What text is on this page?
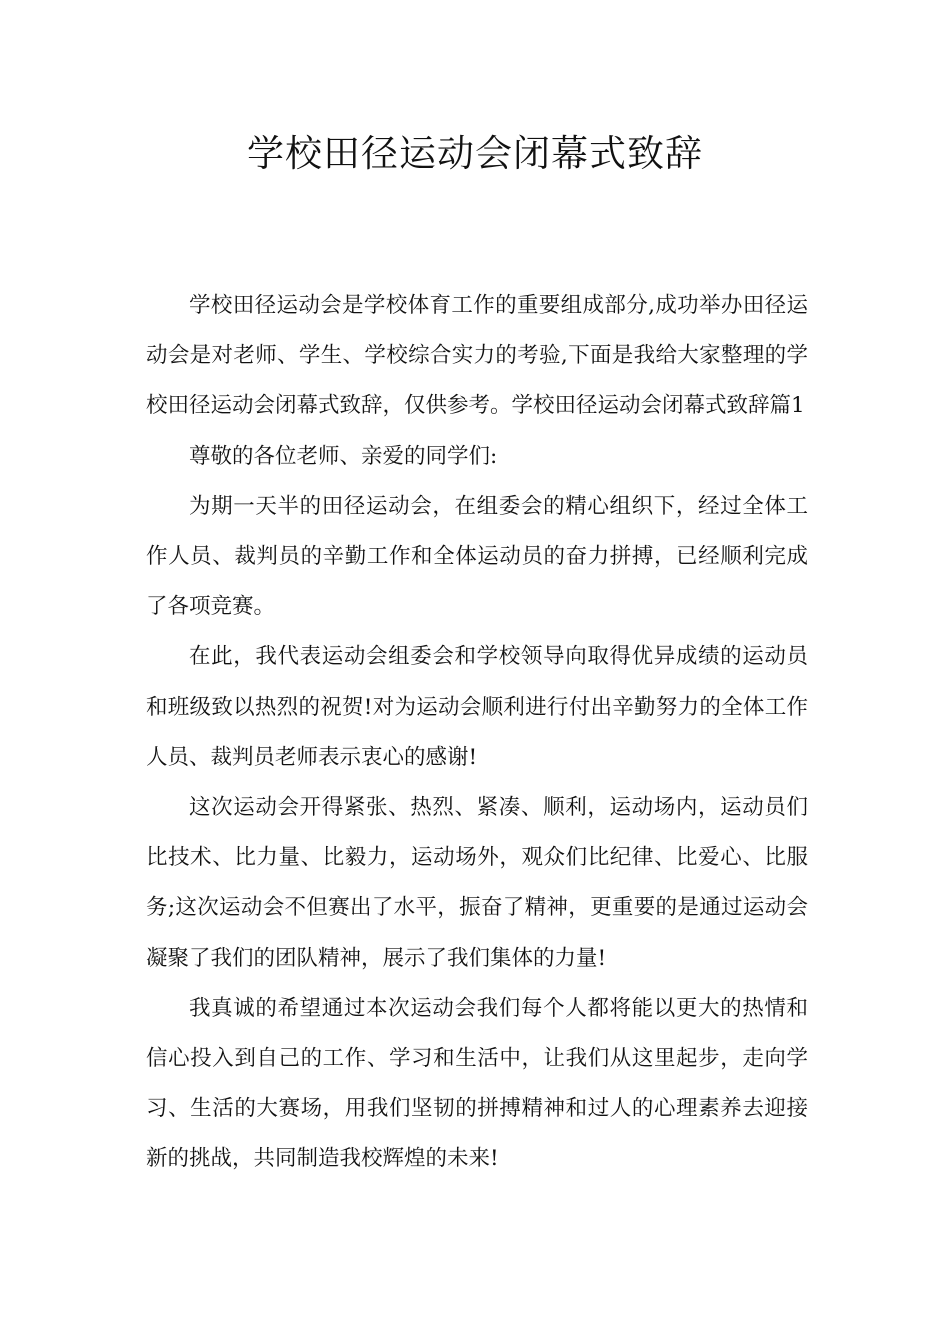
学校田径运动会闭幕式致辞

学校田径运动会是学校体育工作的重要组成部分,成功举办田径运动会是对老师、学生、学校综合实力的考验,下面是我给大家整理的学校田径运动会闭幕式致辞，仅供参考。学校田径运动会闭幕式致辞篇1

尊敬的各位老师、亲爱的同学们:

为期一天半的田径运动会，在组委会的精心组织下，经过全体工作人员、裁判员的辛勤工作和全体运动员的奋力拼搏，已经顺利完成了各项竞赛。

在此，我代表运动会组委会和学校领导向取得优异成绩的运动员和班级致以热烈的祝贺!对为运动会顺利进行付出辛勤努力的全体工作人员、裁判员老师表示衷心的感谢!

这次运动会开得紧张、热烈、紧凑、顺利，运动场内，运动员们比技术、比力量、比毅力，运动场外，观众们比纪律、比爱心、比服务;这次运动会不但赛出了水平，振奋了精神，更重要的是通过运动会凝聚了我们的团队精神，展示了我们集体的力量!

我真诚的希望通过本次运动会我们每个人都将能以更大的热情和信心投入到自己的工作、学习和生活中，让我们从这里起步，走向学习、生活的大赛场，用我们坚韧的拼搏精神和过人的心理素养去迎接新的挑战，共同制造我校辉煌的未来!
